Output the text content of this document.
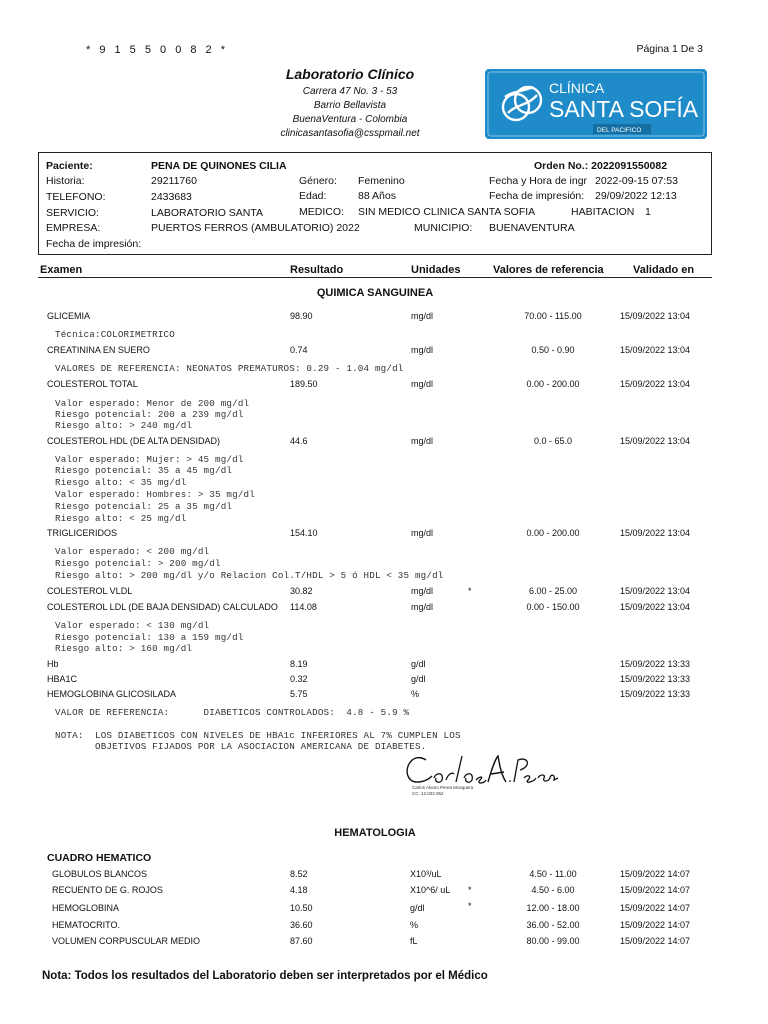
* 9 1 5 5 0 0 8 2 *	Página 1 De 3
Laboratorio Clínico
Carrera 47 No. 3 - 53
Barrio Bellavista
BuenaVentura - Colombia
clinicasantasofia@csspmail.net
CLÍNICA
SANTA SOFÍA
DEL PACIFICO
Paciente:	PENA DE QUINONES CILIA	Orden No.: 2022091550082
Historia:	29211760	Género: Femenino	Fecha y Hora de ingr 2022-09-15 07:53
TELEFONO:	2433683	Edad:	88 Años	Fecha de impresión: 29/09/2022 12:13
SERVICIO:	LABORATORIO SANTA	MEDICO: SIN MEDICO CLINICA SANTA SOFIA	HABITACION 1
EMPRESA:	PUERTOS FERROS (AMBULATORIO) 2022	MUNICIPIO: BUENAVENTURA
Fecha de impresión:
Examen	Resultado	Unidades	Valores de referencia	Validado en
QUIMICA SANGUINEA
GLICEMIA	98.90	mg/dl	70.00 - 115.00	15/09/2022 13:04
Técnica:COLORIMETRICO
CREATININA EN SUERO	0.74	mg/dl	0.50 - 0.90	15/09/2022 13:04
VALORES DE REFERENCIA: NEONATOS PREMATUROS: 0.29 - 1.04 mg/dl
COLESTEROL TOTAL	189.50	mg/dl	0.00 - 200.00	15/09/2022 13:04
Valor esperado: Menor de 200 mg/dl
Riesgo potencial: 200 a 239 mg/dl
Riesgo alto: > 240 mg/dl
COLESTEROL HDL (DE ALTA DENSIDAD)	44.6	mg/dl	0.0 - 65.0	15/09/2022 13:04
Valor esperado: Mujer: > 45 mg/dl
Riesgo potencial: 35 a 45 mg/dl
Riesgo alto: < 35 mg/dl
Valor esperado: Hombres: > 35 mg/dl
Riesgo potencial: 25 a 35 mg/dl
Riesgo alto: < 25 mg/dl
TRIGLICERIDOS	154.10	mg/dl	0.00 - 200.00	15/09/2022 13:04
Valor esperado: < 200 mg/dl
Riesgo potencial: > 200 mg/dl
Riesgo alto: > 200 mg/dl y/o Relacion Col.T/HDL > 5 ó HDL < 35 mg/dl
COLESTEROL VLDL	30.82	mg/dl	*	6.00 - 25.00	15/09/2022 13:04
COLESTEROL LDL (DE BAJA DENSIDAD) CALCULADO 114.08	mg/dl	0.00 - 150.00	15/09/2022 13:04
Valor esperado: < 130 mg/dl
Riesgo potencial: 130 a 159 mg/dl
Riesgo alto: > 160 mg/dl
Hb	8.19	g/dl	15/09/2022 13:33
HBA1C	0.32	g/dl	15/09/2022 13:33
HEMOGLOBINA GLICOSILADA	5.75	%	15/09/2022 13:33
VALOR DE REFERENCIA:      DIABETICOS CONTROLADOS:  4.8 - 5.9 %
NOTA:  LOS DIABETICOS CON NIVELES DE HBA1c INFERIORES AL 7% CUMPLEN LOS
OBJETIVOS FIJADOS POR LA ASOCIACION AMERICANA DE DIABETES.
Carlos Alvaro Perea Mosquera
CC. 12.022.062
HEMATOLOGIA
CUADRO HEMATICO
GLOBULOS BLANCOS	8.52	X10³/uL	4.50 - 11.00	15/09/2022 14:07
RECUENTO DE G. ROJOS	4.18	X10^6/ uL *	4.50 - 6.00	15/09/2022 14:07
HEMOGLOBINA	10.50	g/dl	*	12.00 - 18.00	15/09/2022 14:07
HEMATOCRITO.	36.60	%	36.00 - 52.00	15/09/2022 14:07
VOLUMEN CORPUSCULAR MEDIO	87.60	fL	80.00 - 99.00	15/09/2022 14:07
Nota: Todos los resultados del Laboratorio deben ser interpretados por el Médico
